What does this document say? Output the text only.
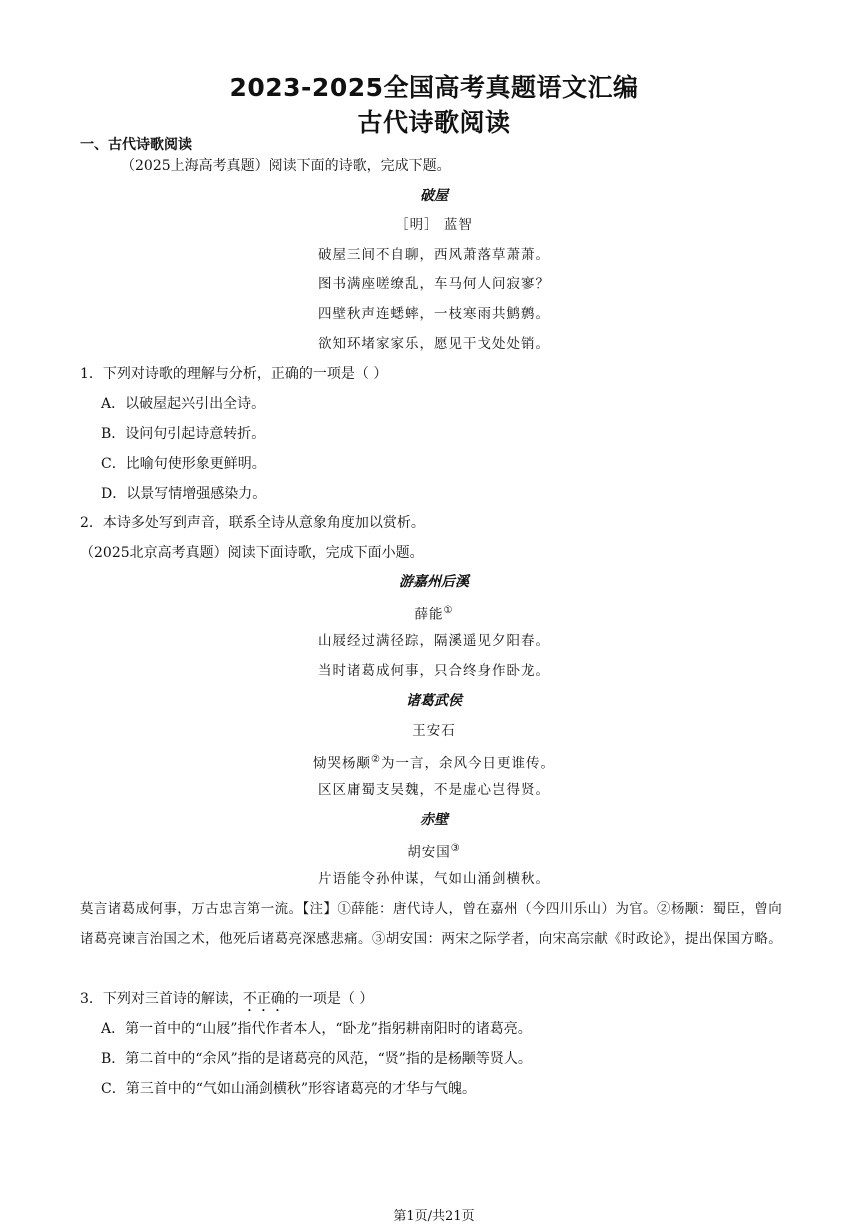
2023-2025全国高考真题语文汇编
古代诗歌阅读
一、古代诗歌阅读
（2025上海高考真题）阅读下面的诗歌，完成下题。
破屋
［明］ 蓝智
破屋三间不自聊，西风萧落草萧萧。
图书满座嗟缭乱，车马何人问寂寥？
四壁秋声连蟋蟀，一枝寒雨共鹪鹩。
欲知环堵家家乐，愿见干戈处处销。
1．下列对诗歌的理解与分析，正确的一项是（ ）
A．以破屋起兴引出全诗。
B．设问句引起诗意转折。
C．比喻句使形象更鲜明。
D．以景写情增强感染力。
2．本诗多处写到声音，联系全诗从意象角度加以赏析。
（2025北京高考真题）阅读下面诗歌，完成下面小题。
游嘉州后溪
薛能①
山屐经过满径踪，隔溪遥见夕阳春。
当时诸葛成何事，只合终身作卧龙。
诸葛武侯
王安石
恸哭杨颙②为一言，余风今日更谁传。
区区庸蜀支吴魏，不是虚心岂得贤。
赤壁
胡安国③
片语能令孙仲谋，气如山涌剑横秋。
莫言诸葛成何事，万古忠言第一流。【注】①薛能：唐代诗人，曾在嘉州（今四川乐山）为官。②杨颙：蜀臣，曾向诸葛亮谏言治国之术，他死后诸葛亮深感悲痛。③胡安国：两宋之际学者，向宋高宗献《时政论》，提出保国方略。
3．下列对三首诗的解读，不正确的一项是（ ）
A．第一首中的“山屐”指代作者本人，“卧龙”指躬耕南阳时的诸葛亮。
B．第二首中的“余风”指的是诸葛亮的风范，“贤”指的是杨颙等贤人。
C．第三首中的“气如山涌剑横秋”形容诸葛亮的才华与气魄。
第1页/共21页
